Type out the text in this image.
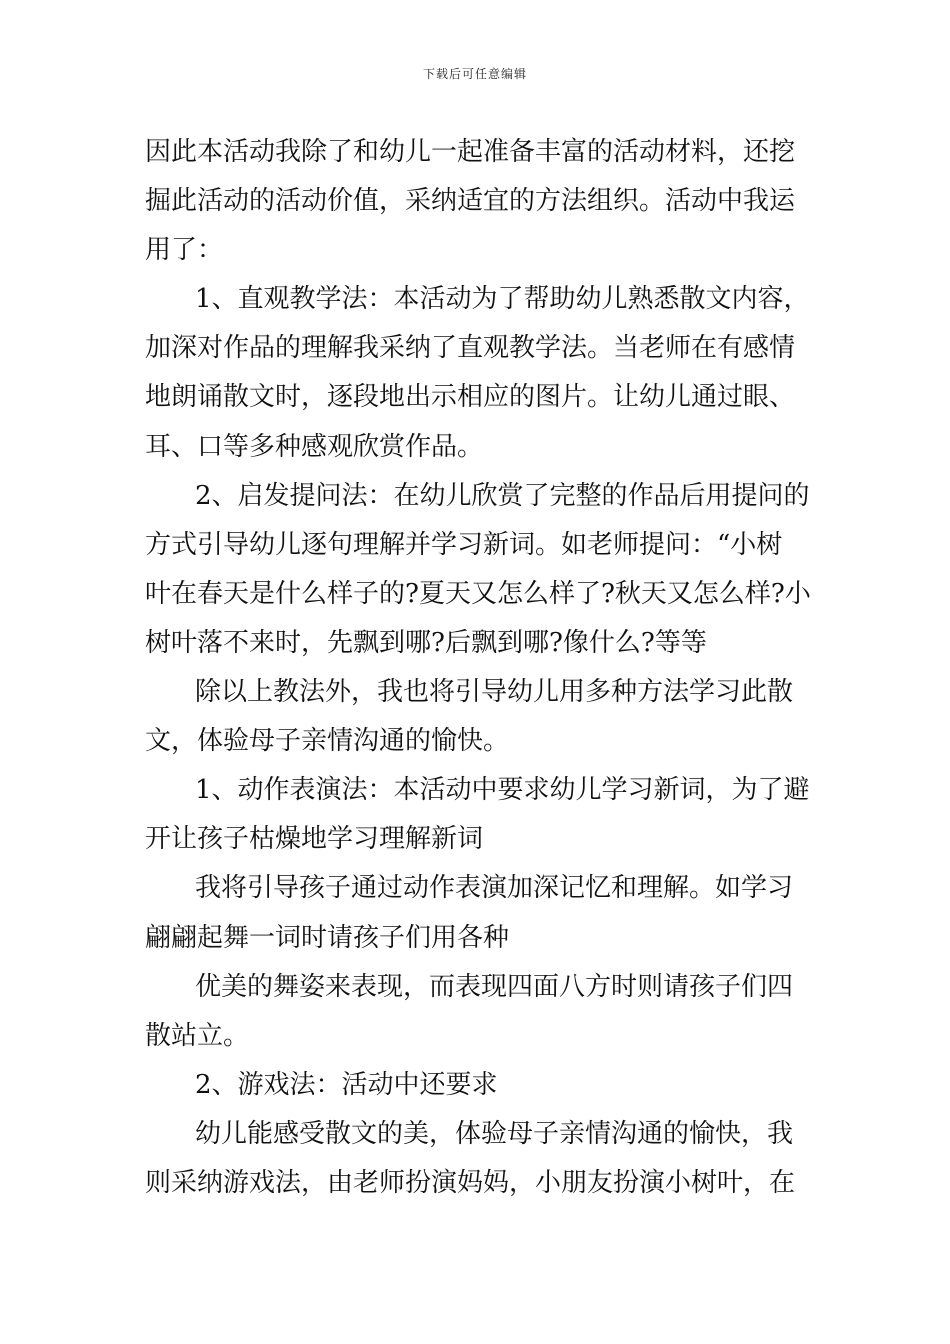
下载后可任意编辑
因此本活动我除了和幼儿一起准备丰富的活动材料，还挖
掘此活动的活动价值，采纳适宜的方法组织。活动中我运
用了：
1、直观教学法：本活动为了帮助幼儿熟悉散文内容，
加深对作品的理解我采纳了直观教学法。当老师在有感情
地朗诵散文时，逐段地出示相应的图片。让幼儿通过眼、
耳、口等多种感观欣赏作品。
2、启发提问法：在幼儿欣赏了完整的作品后用提问的
方式引导幼儿逐句理解并学习新词。如老师提问：“小树
叶在春天是什么样子的?夏天又怎么样了?秋天又怎么样?小
树叶落不来时，先飘到哪?后飘到哪?像什么?等等
除以上教法外，我也将引导幼儿用多种方法学习此散
文，体验母子亲情沟通的愉快。
1、动作表演法：本活动中要求幼儿学习新词，为了避
开让孩子枯燥地学习理解新词
我将引导孩子通过动作表演加深记忆和理解。如学习
翩翩起舞一词时请孩子们用各种
优美的舞姿来表现，而表现四面八方时则请孩子们四
散站立。
2、游戏法：活动中还要求
幼儿能感受散文的美，体验母子亲情沟通的愉快，我
则采纳游戏法，由老师扮演妈妈，小朋友扮演小树叶，在
